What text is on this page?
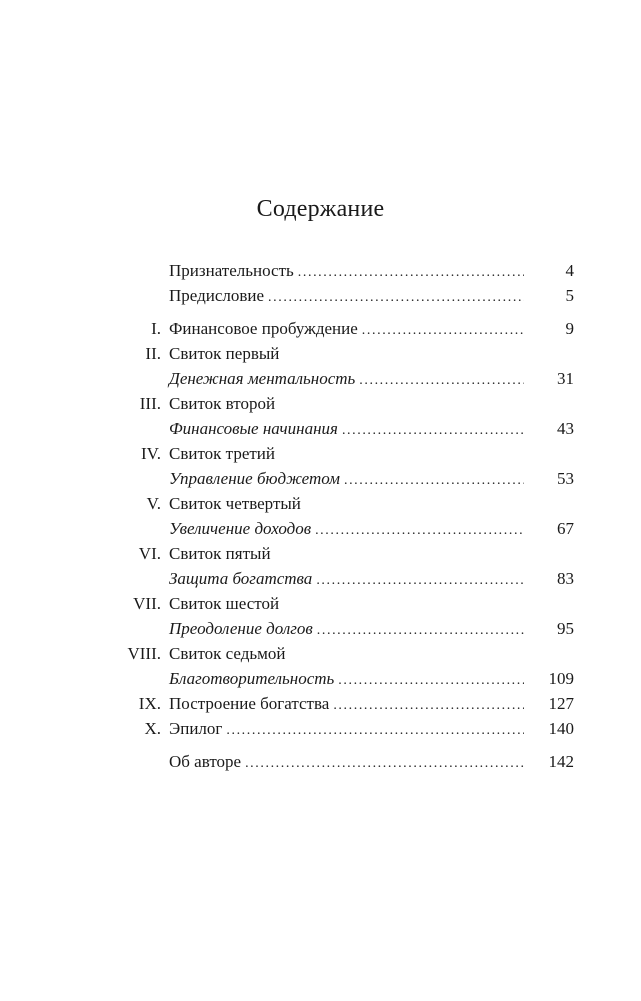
Содержание
Признательность .....	4
Предисловие .....	5
I. Финансовое пробуждение .....	9
II. Свиток первый
Денежная ментальность .....	31
III. Свиток второй
Финансовые начинания .....	43
IV. Свиток третий
Управление бюджетом .....	53
V. Свиток четвертый
Увеличение доходов .....	67
VI. Свиток пятый
Защита богатства .....	83
VII. Свиток шестой
Преодоление долгов .....	95
VIII. Свиток седьмой
Благотворительность .....	109
IX. Построение богатства .....	127
X. Эпилог .....	140
Об авторе .....	142
